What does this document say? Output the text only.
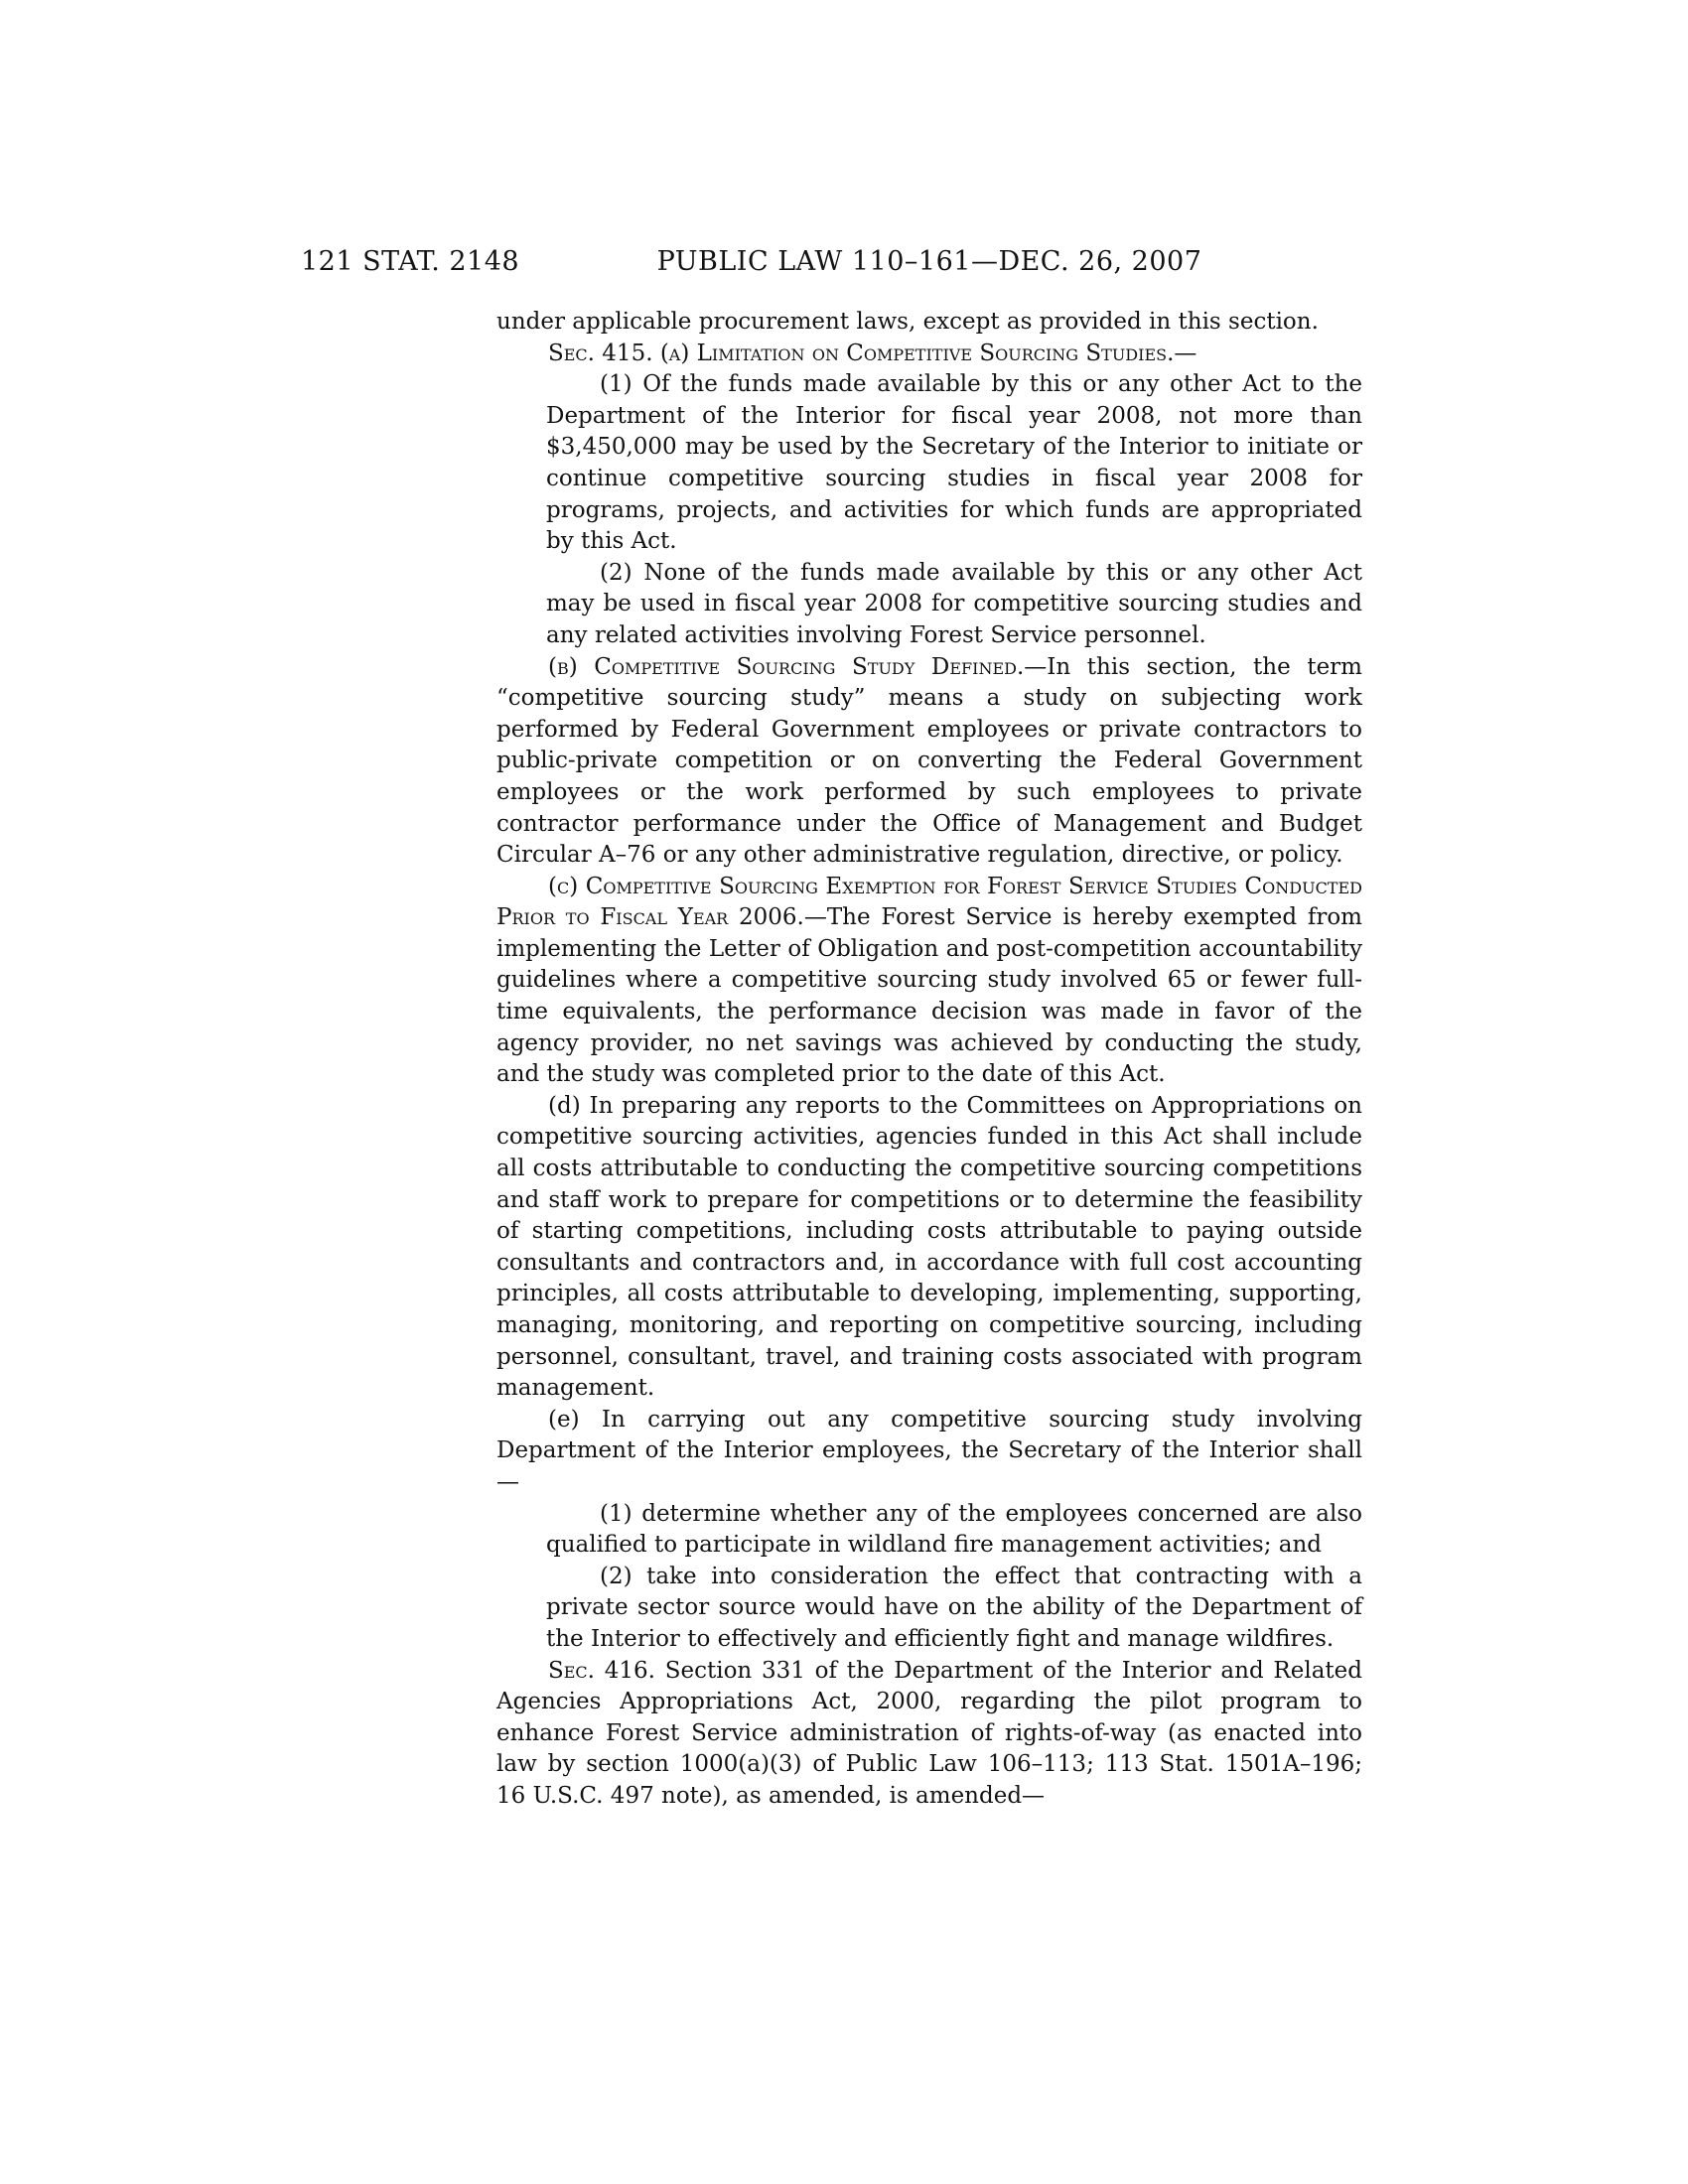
121 STAT. 2148	PUBLIC LAW 110–161—DEC. 26, 2007

under applicable procurement laws, except as provided in this section.

Sec. 415. (a) Limitation on Competitive Sourcing Studies.—

(1) Of the funds made available by this or any other Act to the Department of the Interior for fiscal year 2008, not more than $3,450,000 may be used by the Secretary of the Interior to initiate or continue competitive sourcing studies in fiscal year 2008 for programs, projects, and activities for which funds are appropriated by this Act.

(2) None of the funds made available by this or any other Act may be used in fiscal year 2008 for competitive sourcing studies and any related activities involving Forest Service personnel.

(b) Competitive Sourcing Study Defined.—In this section, the term “competitive sourcing study” means a study on subjecting work performed by Federal Government employees or private contractors to public-private competition or on converting the Federal Government employees or the work performed by such employees to private contractor performance under the Office of Management and Budget Circular A–76 or any other administrative regulation, directive, or policy.

(c) Competitive Sourcing Exemption for Forest Service Studies Conducted Prior to Fiscal Year 2006.—The Forest Service is hereby exempted from implementing the Letter of Obligation and post-competition accountability guidelines where a competitive sourcing study involved 65 or fewer full-time equivalents, the performance decision was made in favor of the agency provider, no net savings was achieved by conducting the study, and the study was completed prior to the date of this Act.

(d) In preparing any reports to the Committees on Appropriations on competitive sourcing activities, agencies funded in this Act shall include all costs attributable to conducting the competitive sourcing competitions and staff work to prepare for competitions or to determine the feasibility of starting competitions, including costs attributable to paying outside consultants and contractors and, in accordance with full cost accounting principles, all costs attributable to developing, implementing, supporting, managing, monitoring, and reporting on competitive sourcing, including personnel, consultant, travel, and training costs associated with program management.

(e) In carrying out any competitive sourcing study involving Department of the Interior employees, the Secretary of the Interior shall—

(1) determine whether any of the employees concerned are also qualified to participate in wildland fire management activities; and

(2) take into consideration the effect that contracting with a private sector source would have on the ability of the Department of the Interior to effectively and efficiently fight and manage wildfires.

Sec. 416. Section 331 of the Department of the Interior and Related Agencies Appropriations Act, 2000, regarding the pilot program to enhance Forest Service administration of rights-of-way (as enacted into law by section 1000(a)(3) of Public Law 106–113; 113 Stat. 1501A–196; 16 U.S.C. 497 note), as amended, is amended—
